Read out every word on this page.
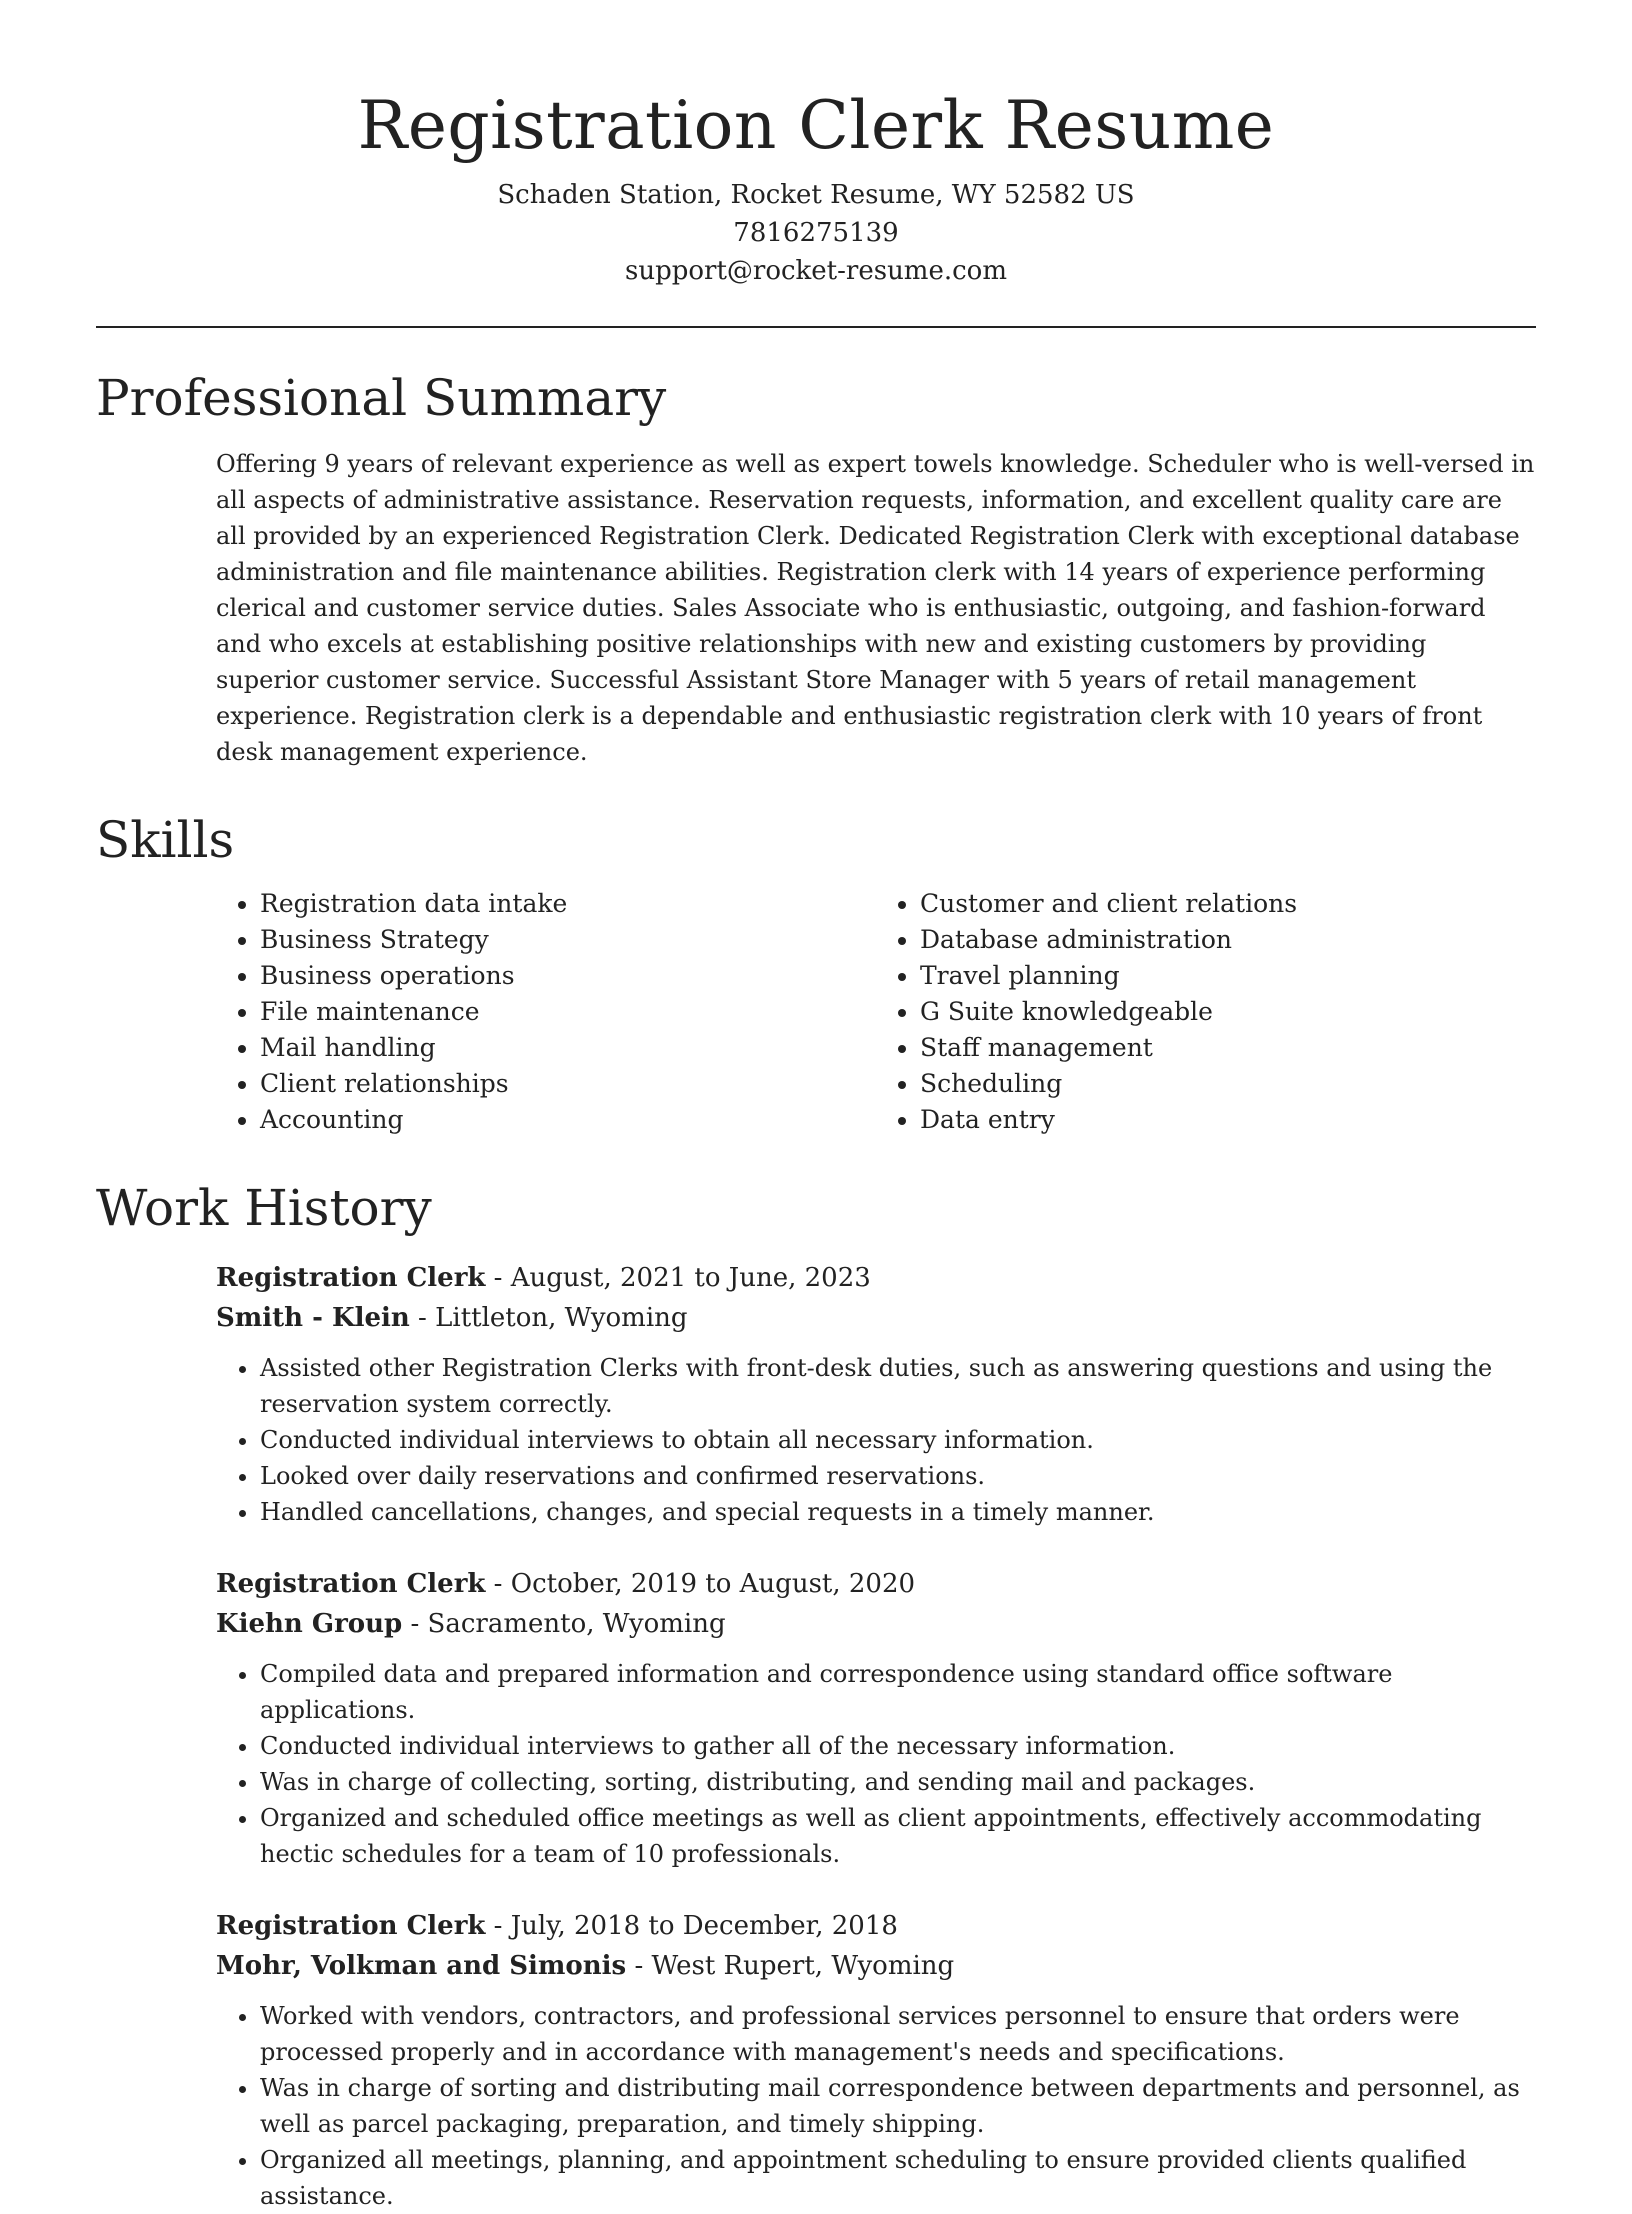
Registration Clerk Resume

Schaden Station, Rocket Resume, WY 52582 US

7816275139

support@rocket-resume.com

Professional Summary

Offering 9 years of relevant experience as well as expert towels knowledge. Scheduler who is well-versed in all aspects of administrative assistance. Reservation requests, information, and excellent quality care are all provided by an experienced Registration Clerk. Dedicated Registration Clerk with exceptional database administration and file maintenance abilities. Registration clerk with 14 years of experience performing clerical and customer service duties. Sales Associate who is enthusiastic, outgoing, and fashion-forward and who excels at establishing positive relationships with new and existing customers by providing superior customer service. Successful Assistant Store Manager with 5 years of retail management experience. Registration clerk is a dependable and enthusiastic registration clerk with 10 years of front desk management experience.

Skills
• Registration data intake
• Business Strategy
• Business operations
• File maintenance
• Mail handling
• Client relationships
• Accounting
• Customer and client relations
• Database administration
• Travel planning
• G Suite knowledgeable
• Staff management
• Scheduling
• Data entry
Work History

Registration Clerk - August, 2021 to June, 2023

Smith - Klein - Littleton, Wyoming

• Assisted other Registration Clerks with front-desk duties, such as answering questions and using the reservation system correctly.
• Conducted individual interviews to obtain all necessary information.
• Looked over daily reservations and confirmed reservations.
• Handled cancellations, changes, and special requests in a timely manner.

Registration Clerk - October, 2019 to August, 2020

Kiehn Group - Sacramento, Wyoming

• Compiled data and prepared information and correspondence using standard office software applications.
• Conducted individual interviews to gather all of the necessary information.
• Was in charge of collecting, sorting, distributing, and sending mail and packages.
• Organized and scheduled office meetings as well as client appointments, effectively accommodating hectic schedules for a team of 10 professionals.

Registration Clerk - July, 2018 to December, 2018

Mohr, Volkman and Simonis - West Rupert, Wyoming

• Worked with vendors, contractors, and professional services personnel to ensure that orders were processed properly and in accordance with management's needs and specifications.
• Was in charge of sorting and distributing mail correspondence between departments and personnel, as well as parcel packaging, preparation, and timely shipping.
• Organized all meetings, planning, and appointment scheduling to ensure provided clients qualified assistance.
